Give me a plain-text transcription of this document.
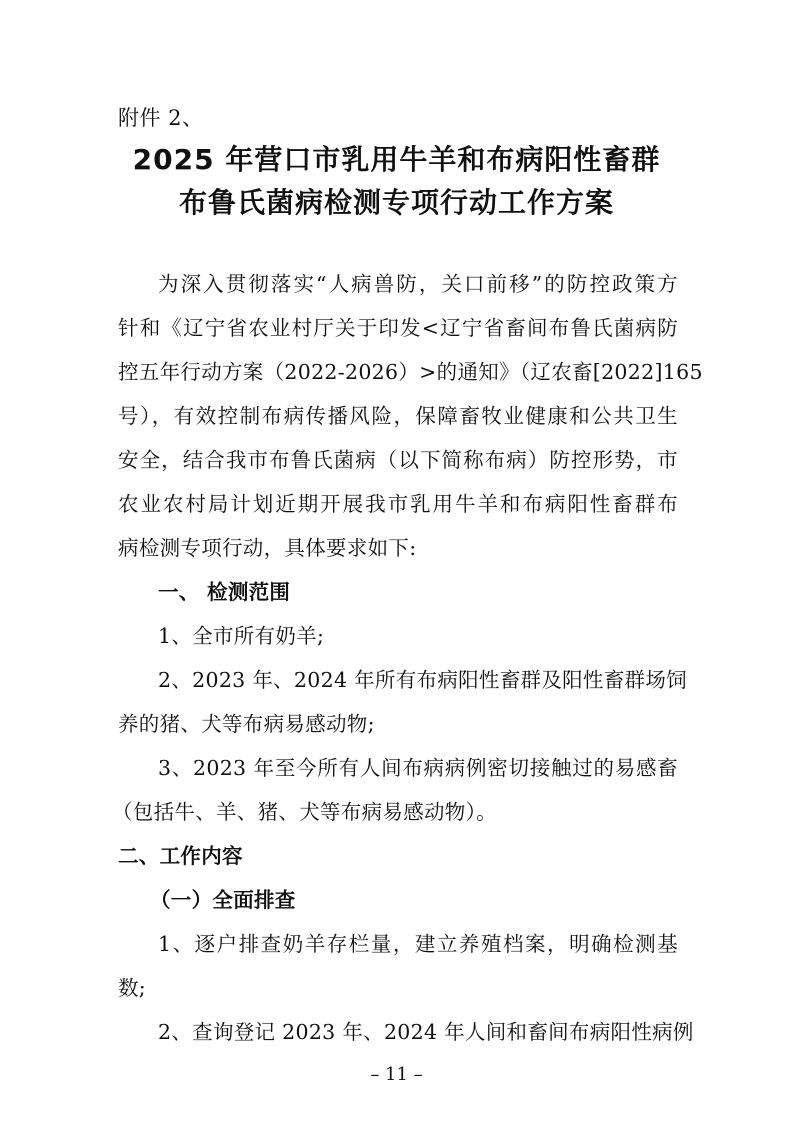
附件 2、
2025 年营口市乳用牛羊和布病阳性畜群
布鲁氏菌病检测专项行动工作方案
为深入贯彻落实“人病兽防，关口前移”的防控政策方
针和《辽宁省农业村厅关于印发<辽宁省畜间布鲁氏菌病防
控五年行动方案（2022-2026）>的通知》（辽农畜[2022]165
号），有效控制布病传播风险，保障畜牧业健康和公共卫生
安全，结合我市布鲁氏菌病（以下简称布病）防控形势，市
农业农村局计划近期开展我市乳用牛羊和布病阳性畜群布
病检测专项行动，具体要求如下:
一、 检测范围
1、全市所有奶羊;
2、2023 年、2024 年所有布病阳性畜群及阳性畜群场饲
养的猪、犬等布病易感动物;
3、2023 年至今所有人间布病病例密切接触过的易感畜
（包括牛、羊、猪、犬等布病易感动物）。
二、工作内容
（一）全面排查
1、逐户排查奶羊存栏量，建立养殖档案，明确检测基
数;
2、查询登记 2023 年、2024 年人间和畜间布病阳性病例
– 11 –
